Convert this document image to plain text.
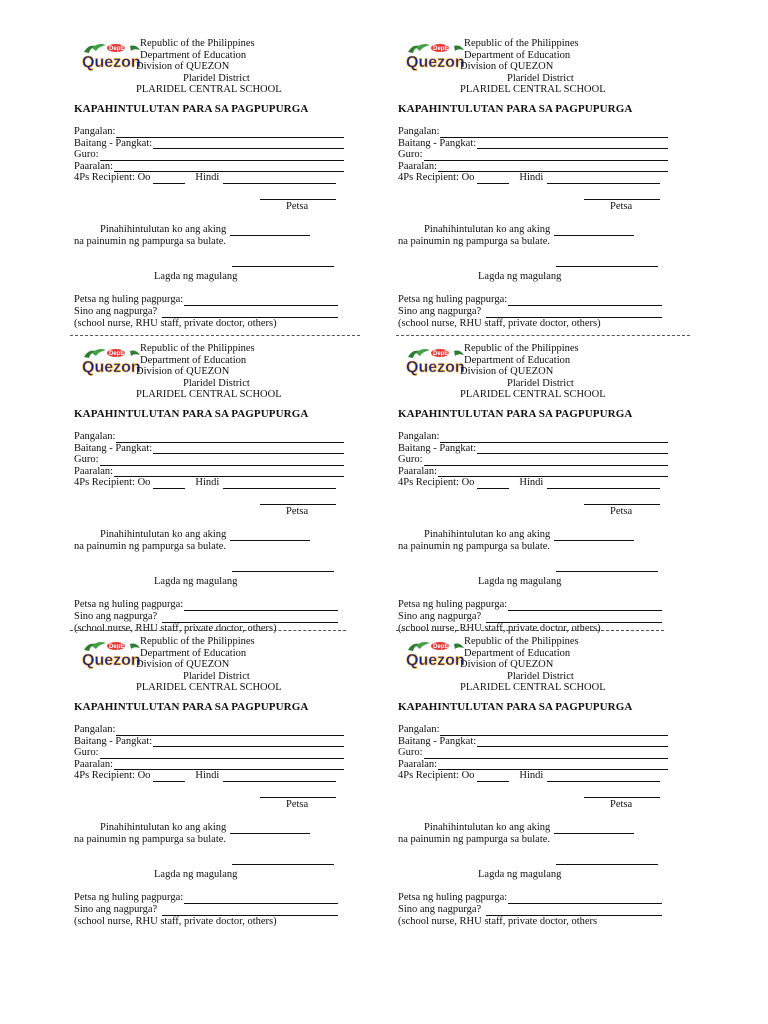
DepEd
Quezon
Republic of the Philippines
Department of Education
Division of QUEZON
Plaridel District
PLARIDEL CENTRAL SCHOOL
KAPAHINTULUTAN PARA SA PAGPUPURGA
Pangalan:
Baitang - Pangkat:
Guro:
Paaralan:
4Ps Recipient: Oo	Hindi
Petsa
Pinahihintulutan ko ang aking
na painumin ng pampurga sa bulate.
Lagda ng magulang
Petsa ng huling pagpurga:
Sino ang nagpurga?
(school nurse, RHU staff, private doctor, others)
DepEd
Quezon
Republic of the Philippines
Department of Education
Division of QUEZON
Plaridel District
PLARIDEL CENTRAL SCHOOL
KAPAHINTULUTAN PARA SA PAGPUPURGA
Pangalan:
Baitang - Pangkat:
Guro:
Paaralan:
4Ps Recipient: Oo	Hindi
Petsa
Pinahihintulutan ko ang aking
na painumin ng pampurga sa bulate.
Lagda ng magulang
Petsa ng huling pagpurga:
Sino ang nagpurga?
(school nurse, RHU staff, private doctor, others)
DepEd
Quezon
Republic of the Philippines
Department of Education
Division of QUEZON
Plaridel District
PLARIDEL CENTRAL SCHOOL
KAPAHINTULUTAN PARA SA PAGPUPURGA
Pangalan:
Baitang - Pangkat:
Guro:
Paaralan:
4Ps Recipient: Oo	Hindi
Petsa
Pinahihintulutan ko ang aking
na painumin ng pampurga sa bulate.
Lagda ng magulang
Petsa ng huling pagpurga:
Sino ang nagpurga?
(school nurse, RHU staff, private doctor, others)
DepEd
Quezon
Republic of the Philippines
Department of Education
Division of QUEZON
Plaridel District
PLARIDEL CENTRAL SCHOOL
KAPAHINTULUTAN PARA SA PAGPUPURGA
Pangalan:
Baitang - Pangkat:
Guro:
Paaralan:
4Ps Recipient: Oo	Hindi
Petsa
Pinahihintulutan ko ang aking
na painumin ng pampurga sa bulate.
Lagda ng magulang
Petsa ng huling pagpurga:
Sino ang nagpurga?
(school nurse, RHU staff, private doctor, others)
DepEd
Quezon
Republic of the Philippines
Department of Education
Division of QUEZON
Plaridel District
PLARIDEL CENTRAL SCHOOL
KAPAHINTULUTAN PARA SA PAGPUPURGA
Pangalan:
Baitang - Pangkat:
Guro:
Paaralan:
4Ps Recipient: Oo	Hindi
Petsa
Pinahihintulutan ko ang aking
na painumin ng pampurga sa bulate.
Lagda ng magulang
Petsa ng huling pagpurga:
Sino ang nagpurga?
(school nurse, RHU staff, private doctor, others)
DepEd
Quezon
Republic of the Philippines
Department of Education
Division of QUEZON
Plaridel District
PLARIDEL CENTRAL SCHOOL
KAPAHINTULUTAN PARA SA PAGPUPURGA
Pangalan:
Baitang - Pangkat:
Guro:
Paaralan:
4Ps Recipient: Oo	Hindi
Petsa
Pinahihintulutan ko ang aking
na painumin ng pampurga sa bulate.
Lagda ng magulang
Petsa ng huling pagpurga:
Sino ang nagpurga?
(school nurse, RHU staff, private doctor, others
